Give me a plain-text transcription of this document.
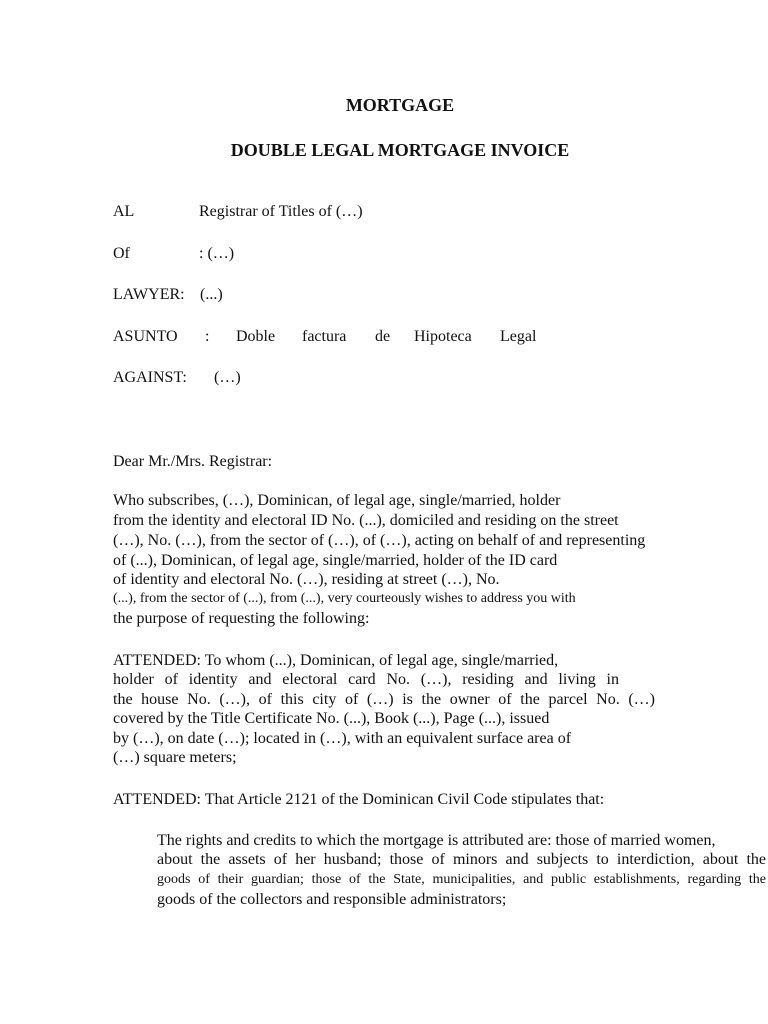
MORTGAGE
DOUBLE LEGAL MORTGAGE INVOICE
AL	Registrar of Titles of (…)
Of	: (…)
LAWYER: (...)
ASUNTO : Doble factura de Hipoteca Legal
AGAINST: (…)
Dear Mr./Mrs. Registrar:
Who subscribes, (…), Dominican, of legal age, single/married, holder
from the identity and electoral ID No. (...), domiciled and residing on the street
(…), No. (…), from the sector of (…), of (…), acting on behalf of and representing
of (...), Dominican, of legal age, single/married, holder of the ID card
of identity and electoral No. (…), residing at street (…), No.
(...), from the sector of (...), from (...), very courteously wishes to address you with
the purpose of requesting the following:
ATTENDED: To whom (...), Dominican, of legal age, single/married,
holder of identity and electoral card No. (…), residing and living in
the house No. (…), of this city of (…) is the owner of the parcel No. (…)
covered by the Title Certificate No. (...), Book (...), Page (...), issued
by (…), on date (…); located in (…), with an equivalent surface area of
(…) square meters;
ATTENDED: That Article 2121 of the Dominican Civil Code stipulates that:
The rights and credits to which the mortgage is attributed are: those of married women,
about the assets of her husband; those of minors and subjects to interdiction, about the
goods of their guardian; those of the State, municipalities, and public establishments, regarding the
goods of the collectors and responsible administrators;
